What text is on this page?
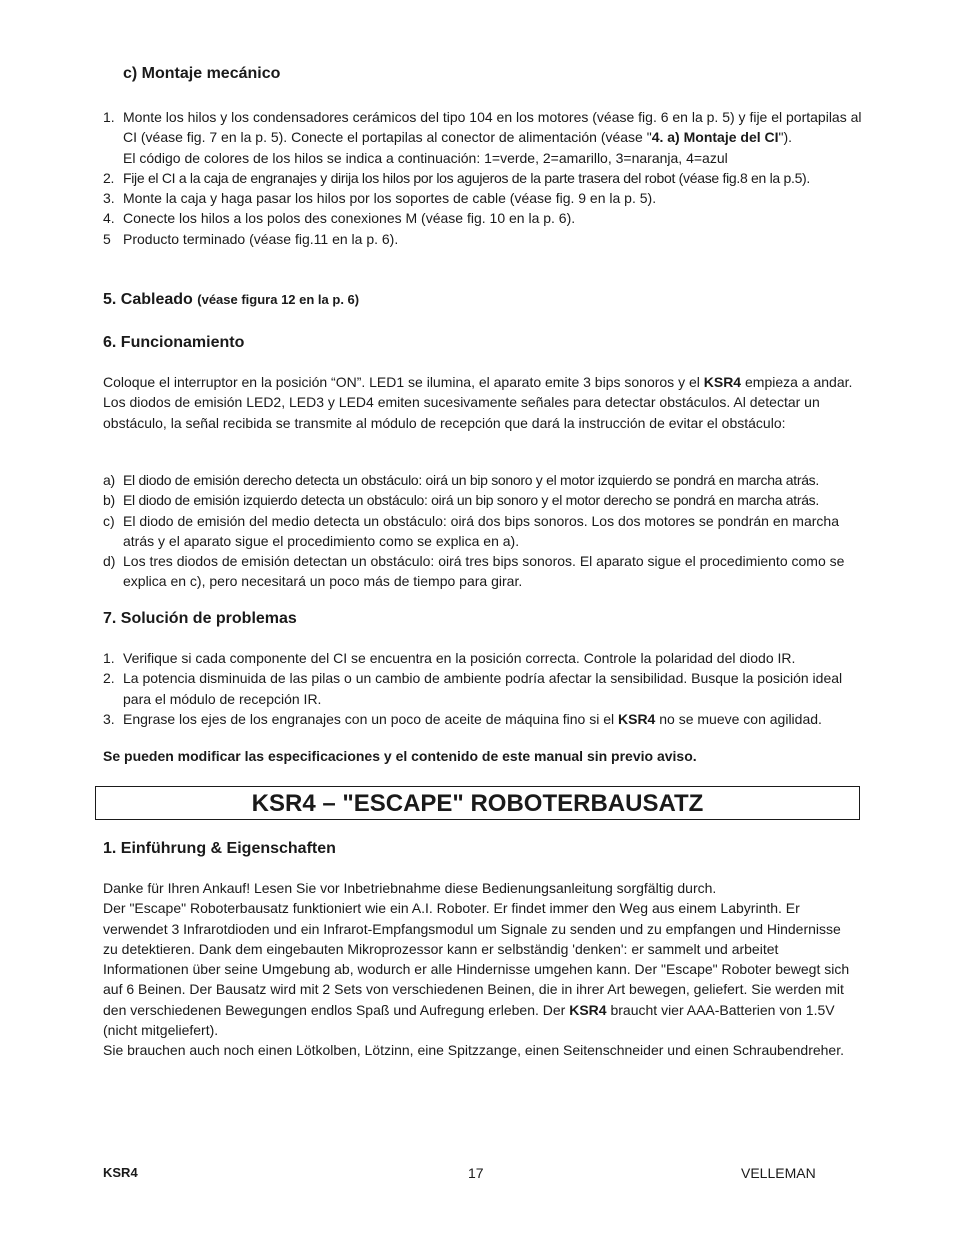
c) Montaje mecánico
1. Monte los hilos y los condensadores cerámicos del tipo 104 en los motores (véase fig. 6 en la p. 5) y fije el portapilas al CI (véase fig. 7 en la p. 5). Conecte el portapilas al conector de alimentación (véase "4. a) Montaje del CI").
El código de colores de los hilos se indica a continuación: 1=verde, 2=amarillo, 3=naranja, 4=azul
2. Fije el CI a la caja de engranajes y dirija los hilos por los agujeros de la parte trasera del robot (véase fig.8 en la p.5).
3. Monte la caja y haga pasar los hilos por los soportes de cable (véase fig. 9 en la p. 5).
4. Conecte los hilos a los polos des conexiones M (véase fig. 10 en la p. 6).
5 Producto terminado (véase fig.11 en la p. 6).
5. Cableado (véase figura 12 en la p. 6)
6. Funcionamiento
Coloque el interruptor en la posición “ON”. LED1 se ilumina, el aparato emite 3 bips sonoros y el KSR4 empieza a andar. Los diodos de emisión LED2, LED3 y LED4 emiten sucesivamente señales para detectar obstáculos. Al detectar un obstáculo, la señal recibida se transmite al módulo de recepción que dará la instrucción de evitar el obstáculo:
a) El diodo de emisión derecho detecta un obstáculo: oirá un bip sonoro y el motor izquierdo se pondrá en marcha atrás.
b) El diodo de emisión izquierdo detecta un obstáculo: oirá un bip sonoro y el motor derecho se pondrá en marcha atrás.
c) El diodo de emisión del medio detecta un obstáculo: oirá dos bips sonoros. Los dos motores se pondrán en marcha atrás y el aparato sigue el procedimiento como se explica en a).
d) Los tres diodos de emisión detectan un obstáculo: oirá tres bips sonoros. El aparato sigue el procedimiento como se explica en c), pero necesitará un poco más de tiempo para girar.
7. Solución de problemas
1. Verifique si cada componente del CI se encuentra en la posición correcta. Controle la polaridad del diodo IR.
2. La potencia disminuida de las pilas o un cambio de ambiente podría afectar la sensibilidad. Busque la posición ideal para el módulo de recepción IR.
3. Engrase los ejes de los engranajes con un poco de aceite de máquina fino si el KSR4 no se mueve con agilidad.
Se pueden modificar las especificaciones y el contenido de este manual sin previo aviso.
KSR4 – "ESCAPE" ROBOTERBAUSATZ
1. Einführung & Eigenschaften
Danke für Ihren Ankauf! Lesen Sie vor Inbetriebnahme diese Bedienungsanleitung sorgfältig durch.
Der "Escape" Roboterbausatz funktioniert wie ein A.I. Roboter. Er findet immer den Weg aus einem Labyrinth. Er verwendet 3 Infrarotdioden und ein Infrarot-Empfangsmodul um Signale zu senden und zu empfangen und Hindernisse zu detektieren. Dank dem eingebauten Mikroprozessor kann er selbständig 'denken': er sammelt und arbeitet Informationen über seine Umgebung ab, wodurch er alle Hindernisse umgehen kann. Der "Escape" Roboter bewegt sich auf 6 Beinen. Der Bausatz wird mit 2 Sets von verschiedenen Beinen, die in ihrer Art bewegen, geliefert. Sie werden mit den verschiedenen Bewegungen endlos Spaß und Aufregung erleben. Der KSR4 braucht vier AAA-Batterien von 1.5V (nicht mitgeliefert).
Sie brauchen auch noch einen Lötkolben, Lötzinn, eine Spitzzange, einen Seitenschneider und einen Schraubendreher.
KSR4	17	VELLEMAN
